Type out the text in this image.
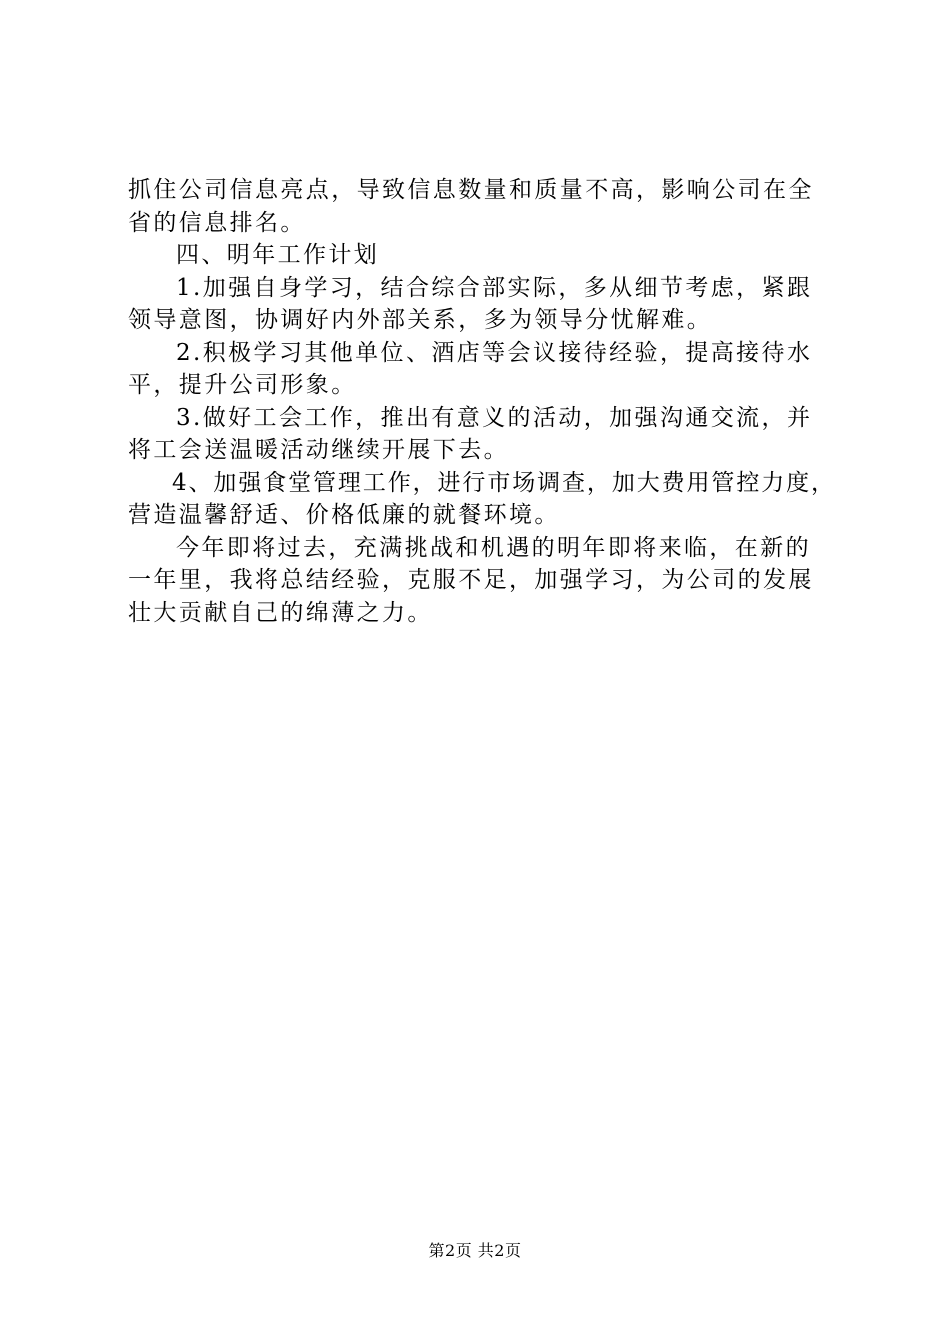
抓住公司信息亮点，导致信息数量和质量不高，影响公司在全
省的信息排名。
四、明年工作计划
1.加强自身学习，结合综合部实际，多从细节考虑，紧跟
领导意图，协调好内外部关系，多为领导分忧解难。
2.积极学习其他单位、酒店等会议接待经验，提高接待水
平，提升公司形象。
3.做好工会工作，推出有意义的活动，加强沟通交流，并
将工会送温暖活动继续开展下去。
4、加强食堂管理工作，进行市场调查，加大费用管控力度，
营造温馨舒适、价格低廉的就餐环境。
今年即将过去，充满挑战和机遇的明年即将来临，在新的
一年里，我将总结经验，克服不足，加强学习，为公司的发展
壮大贡献自己的绵薄之力。
第2页 共2页
